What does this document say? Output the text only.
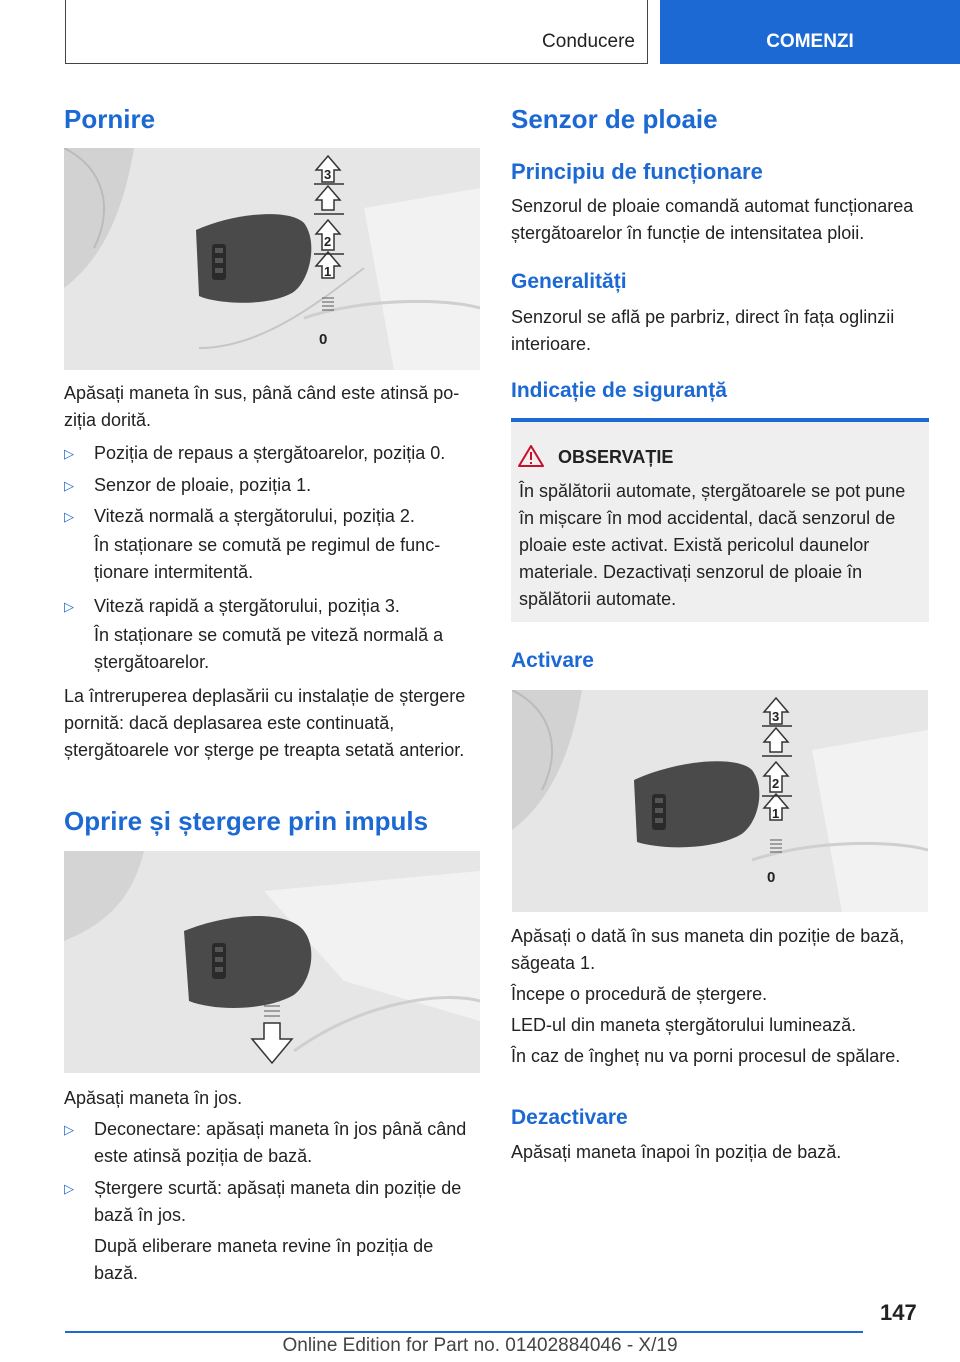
Conducere	COMENZI
Pornire
3
2
1
0

Apăsați maneta în sus, până când este atinsă poziția dorită.

▷	Poziția de repaus a ștergătoarelor, poziția 0.
▷	Senzor de ploaie, poziția 1.
▷	Viteză normală a ștergătorului, poziția 2.
În staționare se comută pe regimul de funcționare intermitentă.
▷	Viteză rapidă a ștergătorului, poziția 3.
În staționare se comută pe viteză normală a ștergătoarelor.

La întreruperea deplasării cu instalație de ștergere pornită: dacă deplasarea este continuată, ștergătoarele vor șterge pe treapta setată anterior.

Oprire și ștergere prin impuls

Apăsați maneta în jos.

▷	Deconectare: apăsați maneta în jos până când este atinsă poziția de bază.
▷	Ștergere scurtă: apăsați maneta din poziție de bază în jos.
După eliberare maneta revine în poziția de bază.
Senzor de ploaie
Principiu de funcționare

Senzorul de ploaie comandă automat funcționarea ștergătoarelor în funcție de intensitatea ploii.

Generalități

Senzorul se află pe parbriz, direct în fața oglinzii interioare.

Indicație de siguranță
OBSERVAȚIE

În spălătorii automate, ștergătoarele se pot pune în mișcare în mod accidental, dacă senzorul de ploaie este activat. Există pericolul daunelor materiale. Dezactivați senzorul de ploaie în spălătorii automate.

Activare
3
2
1
0

Apăsați o dată în sus maneta din poziție de bază, săgeata 1.

Începe o procedură de ștergere.

LED-ul din maneta ștergătorului luminează.

În caz de îngheț nu va porni procesul de spălare.

Dezactivare

Apăsați maneta înapoi în poziția de bază.

147
Online Edition for Part no. 01402884046 - X/19
